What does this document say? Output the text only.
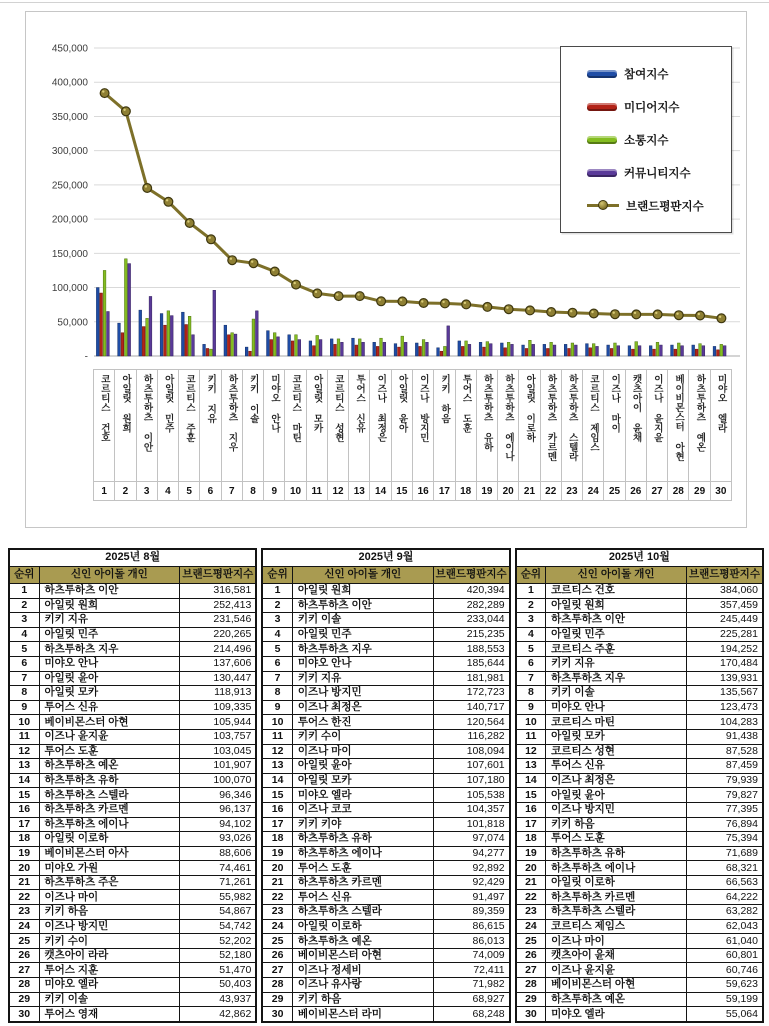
450,000
400,000
350,000
300,000
250,000
200,000
150,000
100,000
50,000
-
코르티스 건호 아일릿 원희 하츠투하츠 이안 아일릿 민주 코르티스 주훈 키키 지유 하츠투하츠 지우 키키 이솔 미야오 안나 코르티스 마틴 아일릿 모카 코르티스 성현 투어스 신유 이즈나 최정은 아일릿 윤아 이즈나 방지민 키키 하음 투어스 도훈 하츠투하츠 유하 하츠투하츠 에이나 아일릿 이로하 하츠투하츠 카르멘 하츠투하츠 스텔라 코르티스 제임스 이즈나 마이 캣츠아이 윤채 이즈나 윤지윤 베이비몬스터 아현 하츠투하츠 예온 미야오 엘라
1 2 3 4 5 6 7 8 9 10 11 12 13 14 15 16 17 18 19 20 21 22 23 24 25 26 27 28 29 30
참여지수
미디어지수
소통지수
커뮤니티지수
브랜드평판지수
2025년 8월		
순위	신인 아이돌 개인	브랜드평판지수
1	하츠투하츠 이안	316,581
2	아일릿 원희	252,413
3	키키 지유	231,546
4	아일릿 민주	220,265
5	하츠투하츠 지우	214,496
6	미야오 안나	137,606
7	아일릿 윤아	130,447
8	아일릿 모카	118,913
9	투어스 신유	109,335
10	베이비몬스터 아현	105,944
11	이즈나 윤지윤	103,757
12	투어스 도훈	103,045
13	하츠투하츠 예온	101,907
14	하츠투하츠 유하	100,070
15	하츠투하츠 스텔라	96,346
16	하츠투하츠 카르멘	96,137
17	하츠투하츠 에이나	94,102
18	아일릿 이로하	93,026
19	베이비몬스터 아사	88,606
20	미야오 가원	74,461
21	하츠투하츠 주은	71,261
22	이즈나 마이	55,982
23	키키 하음	54,867
24	이즈나 방지민	54,742
25	키키 수이	52,202
26	캣츠아이 라라	52,180
27	투어스 지훈	51,470
28	미야오 엘라	50,403
29	키키 이솔	43,937
30	투어스 영재	42,862
2025년 9월		
순위	신인 아이돌 개인	브랜드평판지수
1	아일릿 원희	420,394
2	하츠투하츠 이안	282,289
3	키키 이솔	233,044
4	아일릿 민주	215,235
5	하츠투하츠 지우	188,553
6	미야오 안나	185,644
7	키키 지유	181,981
8	이즈나 방지민	172,723
9	이즈나 최정은	140,717
10	투어스 한진	120,564
11	키키 수이	116,282
12	이즈나 마이	108,094
13	아일릿 윤아	107,601
14	아일릿 모카	107,180
15	미야오 엘라	105,538
16	이즈나 코코	104,357
17	키키 키야	101,818
18	하츠투하츠 유하	97,074
19	하츠투하츠 에이나	94,277
20	투어스 도훈	92,892
21	하츠투하츠 카르멘	92,429
22	투어스 신유	91,497
23	하츠투하츠 스텔라	89,359
24	아일릿 이로하	86,615
25	하츠투하츠 예온	86,013
26	베이비몬스터 아현	74,009
27	이즈나 정세비	72,411
28	이즈나 유사랑	71,982
29	키키 하음	68,927
30	베이비몬스터 라미	68,248
2025년 10월		
순위	신인 아이돌 개인	브랜드평판지수
1	코르티스 건호	384,060
2	아일릿 원희	357,459
3	하츠투하츠 이안	245,449
4	아일릿 민주	225,281
5	코르티스 주훈	194,252
6	키키 지유	170,484
7	하츠투하츠 지우	139,931
8	키키 이솔	135,567
9	미야오 안나	123,473
10	코르티스 마틴	104,283
11	아일릿 모카	91,438
12	코르티스 성현	87,528
13	투어스 신유	87,459
14	이즈나 최정은	79,939
15	아일릿 윤아	79,827
16	이즈나 방지민	77,395
17	키키 하음	76,894
18	투어스 도훈	75,394
19	하츠투하츠 유하	71,689
20	하츠투하츠 에이나	68,321
21	아일릿 이로하	66,563
22	하츠투하츠 카르멘	64,222
23	하츠투하츠 스텔라	63,282
24	코르티스 제임스	62,043
25	이즈나 마이	61,040
26	캣츠아이 윤채	60,801
27	이즈나 윤지윤	60,746
28	베이비몬스터 아현	59,623
29	하츠투하츠 예온	59,199
30	미야오 엘라	55,064
